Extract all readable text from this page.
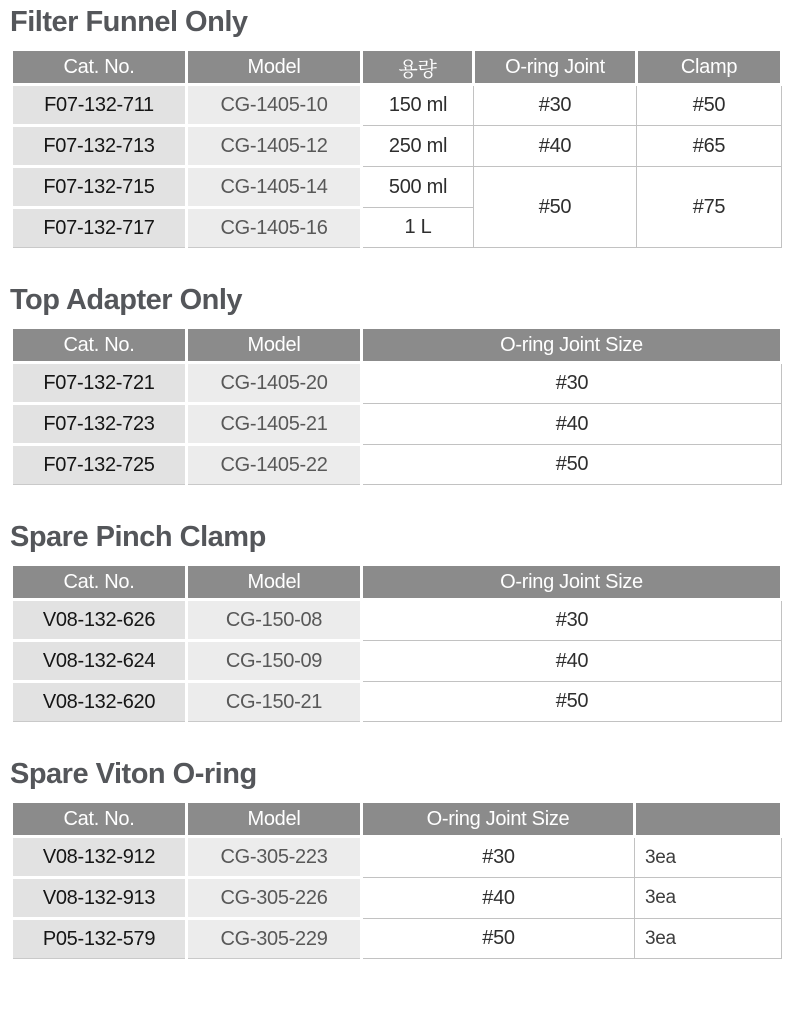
Filter Funnel Only
Cat. No.	Model	용량	O-ring Joint	Clamp
F07-132-711	CG-1405-10	150 ml	#30	#50
F07-132-713	CG-1405-12	250 ml	#40	#65
F07-132-715	CG-1405-14	500 ml	#50	#75
F07-132-717	CG-1405-16	1 L		
Top Adapter Only
Cat. No.	Model	O-ring Joint Size
F07-132-721	CG-1405-20	#30
F07-132-723	CG-1405-21	#40
F07-132-725	CG-1405-22	#50
Spare Pinch Clamp
Cat. No.	Model	O-ring Joint Size
V08-132-626	CG-150-08	#30
V08-132-624	CG-150-09	#40
V08-132-620	CG-150-21	#50
Spare Viton O-ring
Cat. No.	Model	O-ring Joint Size	
V08-132-912	CG-305-223	#30	3ea
V08-132-913	CG-305-226	#40	3ea
P05-132-579	CG-305-229	#50	3ea
